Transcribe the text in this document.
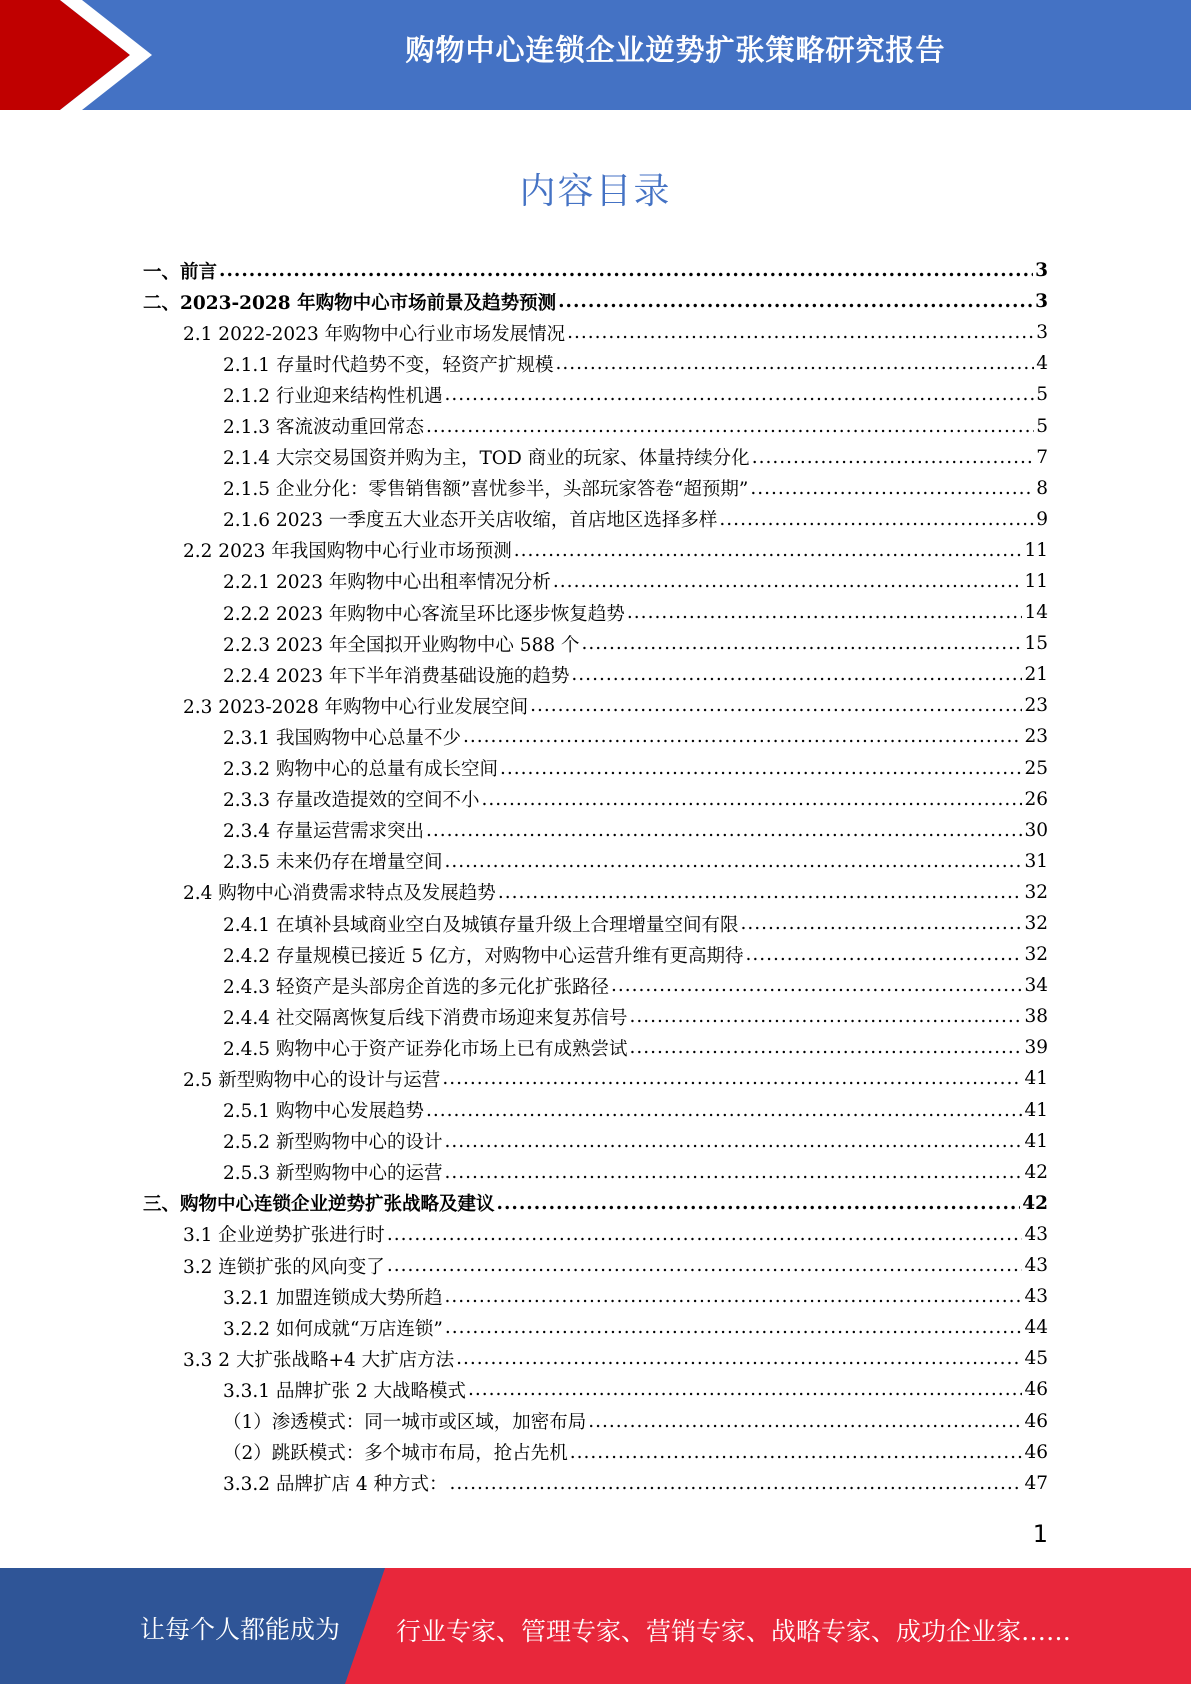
购物中心连锁企业逆势扩张策略研究报告
内容目录
一、前言 .....	3
二、2023-2028 年购物中心市场前景及趋势预测 .....	3
2.1 2022-2023 年购物中心行业市场发展情况 .....	3
2.1.1 存量时代趋势不变，轻资产扩规模 .....	4
2.1.2 行业迎来结构性机遇 .....	5
2.1.3 客流波动重回常态 .....	5
2.1.4 大宗交易国资并购为主，TOD 商业的玩家、体量持续分化 .....	7
2.1.5 企业分化：零售销售额”喜忧参半，头部玩家答卷“超预期” .....	8
2.1.6 2023 一季度五大业态开关店收缩，首店地区选择多样 .....	9
2.2 2023 年我国购物中心行业市场预测 .....	11
2.2.1 2023 年购物中心出租率情况分析 .....	11
2.2.2 2023 年购物中心客流呈环比逐步恢复趋势 .....	14
2.2.3 2023 年全国拟开业购物中心 588 个 .....	15
2.2.4 2023 年下半年消费基础设施的趋势 .....	21
2.3 2023-2028 年购物中心行业发展空间 .....	23
2.3.1 我国购物中心总量不少 .....	23
2.3.2 购物中心的总量有成长空间 .....	25
2.3.3 存量改造提效的空间不小 .....	26
2.3.4 存量运营需求突出 .....	30
2.3.5 未来仍存在增量空间 .....	31
2.4 购物中心消费需求特点及发展趋势 .....	32
2.4.1 在填补县域商业空白及城镇存量升级上合理增量空间有限 .....	32
2.4.2 存量规模已接近 5 亿方，对购物中心运营升维有更高期待 .....	32
2.4.3 轻资产是头部房企首选的多元化扩张路径 .....	34
2.4.4 社交隔离恢复后线下消费市场迎来复苏信号 .....	38
2.4.5 购物中心于资产证券化市场上已有成熟尝试 .....	39
2.5 新型购物中心的设计与运营 .....	41
2.5.1 购物中心发展趋势 .....	41
2.5.2 新型购物中心的设计 .....	41
2.5.3 新型购物中心的运营 .....	42
三、购物中心连锁企业逆势扩张战略及建议 .....	42
3.1 企业逆势扩张进行时 .....	43
3.2 连锁扩张的风向变了 .....	43
3.2.1 加盟连锁成大势所趋 .....	43
3.2.2 如何成就“万店连锁” .....	44
3.3 2 大扩张战略+4 大扩店方法 .....	45
3.3.1 品牌扩张 2 大战略模式 .....	46
（1）渗透模式：同一城市或区域，加密布局 .....	46
（2）跳跃模式：多个城市布局，抢占先机 .....	46
3.3.2 品牌扩店 4 种方式： .....	47
1
让每个人都能成为 行业专家、管理专家、营销专家、战略专家、成功企业家……
